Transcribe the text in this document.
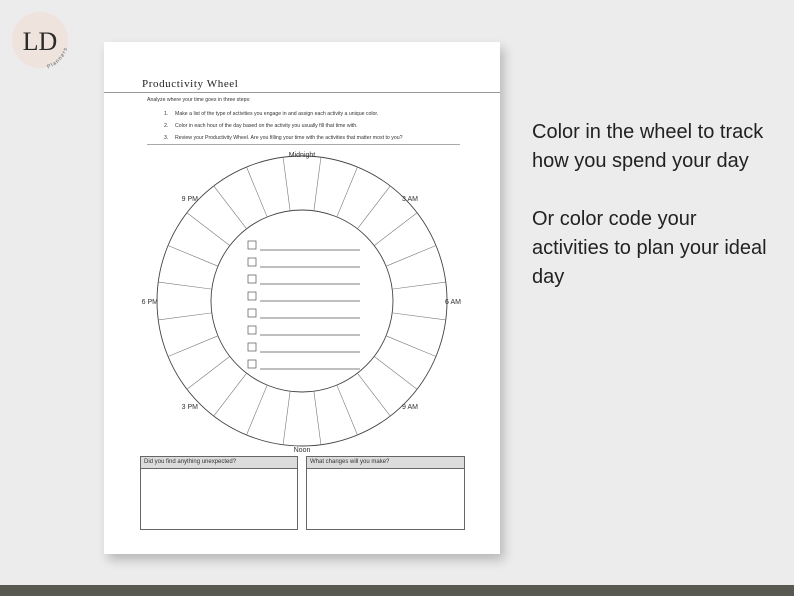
LD
Planners
Productivity Wheel
Analyze where your time goes in three steps:
1. Make a list of the type of activities you engage in and assign each activity a unique color.
2. Color in each hour of the day based on the activity you usually fill that time with.
3. Review your Productivity Wheel. Are you filling your time with the activities that matter most to you?
Midnight
3 AM
6 AM
9 AM
Noon
3 PM
6 PM
9 PM
Did you find anything unexpected?	What changes will you make?

Color in the wheel to track how you spend your day

Or color code your activities to plan your ideal day
